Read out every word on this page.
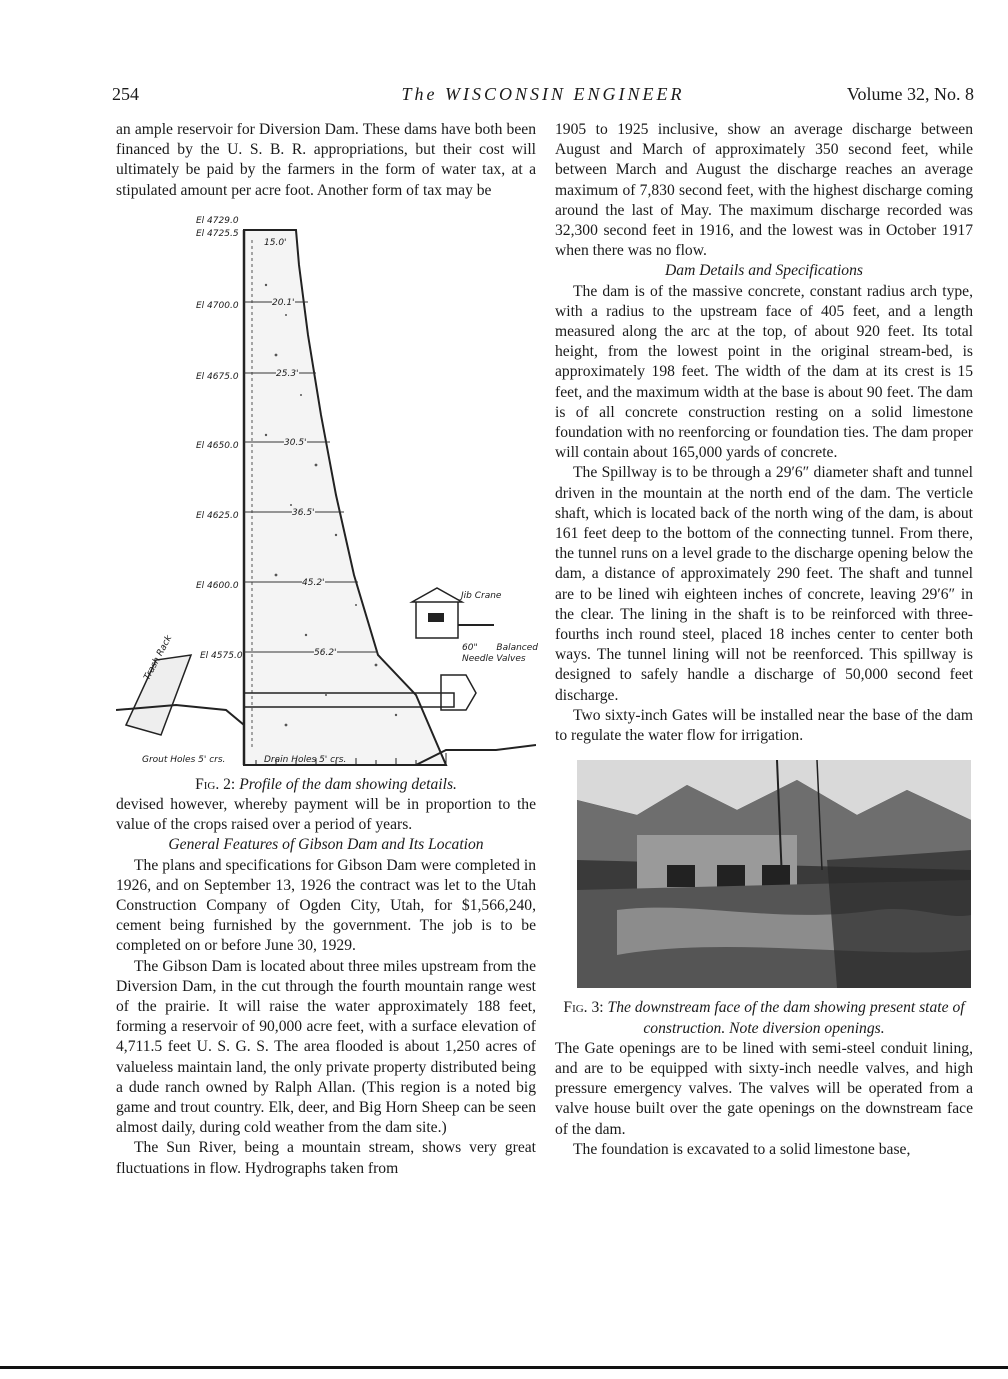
254	The WISCONSIN ENGINEER	Volume 32, No. 8

an ample reservoir for Diversion Dam. These dams have both been financed by the U. S. B. R. appropriations, but their cost will ultimately be paid by the farmers in the form of water tax, at a stipulated amount per acre foot. Another form of tax may be

El 4729.0
El 4725.5
El 4700.0
El 4675.0
El 4650.0
El 4625.0
El 4600.0
El 4575.0
15.0'
20.1'
25.3'
30.5'
36.5'
45.2'
56.2'
Jib Crane
60" Balanced Needle Valves
Trash Rack
Grout Holes 5' crs.	Drain Holes 5' crs.

Fig. 2: Profile of the dam showing details.

devised however, whereby payment will be in proportion to the value of the crops raised over a period of years.

General Features of Gibson Dam and Its Location

The plans and specifications for Gibson Dam were completed in 1926, and on September 13, 1926 the contract was let to the Utah Construction Company of Ogden City, Utah, for $1,566,240, cement being furnished by the government. The job is to be completed on or before June 30, 1929.

The Gibson Dam is located about three miles upstream from the Diversion Dam, in the cut through the fourth mountain range west of the prairie. It will raise the water approximately 188 feet, forming a reservoir of 90,000 acre feet, with a surface elevation of 4,711.5 feet U. S. G. S. The area flooded is about 1,250 acres of valueless maintain land, the only private property distributed being a dude ranch owned by Ralph Allan. (This region is a noted big game and trout country. Elk, deer, and Big Horn Sheep can be seen almost daily, during cold weather from the dam site.)

The Sun River, being a mountain stream, shows very great fluctuations in flow. Hydrographs taken from

1905 to 1925 inclusive, show an average discharge between August and March of approximately 350 second feet, while between March and August the discharge reaches an average maximum of 7,830 second feet, with the highest discharge coming around the last of May. The maximum discharge recorded was 32,300 second feet in 1916, and the lowest was in October 1917 when there was no flow.

Dam Details and Specifications

The dam is of the massive concrete, constant radius arch type, with a radius to the upstream face of 405 feet, and a length measured along the arc at the top, of about 920 feet. Its total height, from the lowest point in the original stream-bed, is approximately 198 feet. The width of the dam at its crest is 15 feet, and the maximum width at the base is about 90 feet. The dam is of all concrete construction resting on a solid limestone foundation with no reenforcing or foundation ties. The dam proper will contain about 165,000 yards of concrete.

The Spillway is to be through a 29′6″ diameter shaft and tunnel driven in the mountain at the north end of the dam. The verticle shaft, which is located back of the north wing of the dam, is about 161 feet deep to the bottom of the connecting tunnel. From there, the tunnel runs on a level grade to the discharge opening below the dam, a distance of approximately 290 feet. The shaft and tunnel are to be lined wih eighteen inches of concrete, leaving 29′6″ in the clear. The lining in the shaft is to be reinforced with three-fourths inch round steel, placed 18 inches center to center both ways. The tunnel lining will not be reenforced. This spillway is designed to safely handle a discharge of 50,000 second feet discharge.

Two sixty-inch Gates will be installed near the base of the dam to regulate the water flow for irrigation.

Fig. 3: The downstream face of the dam showing present state of construction. Note diversion openings.

The Gate openings are to be lined with semi-steel conduit lining, and are to be equipped with sixty-inch needle valves, and high pressure emergency valves. The valves will be operated from a valve house built over the gate openings on the downstream face of the dam.

The foundation is excavated to a solid limestone base,
